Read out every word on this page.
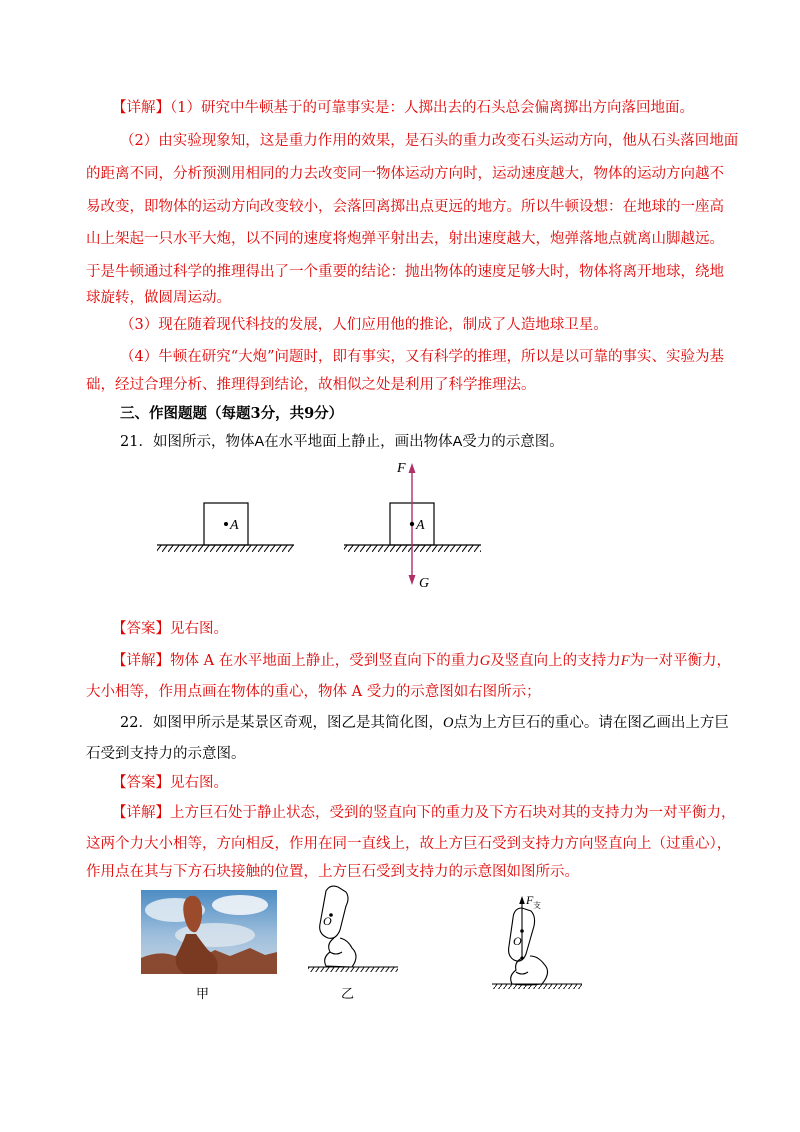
【详解】（1）研究中牛顿基于的可靠事实是：人掷出去的石头总会偏离掷出方向落回地面。
（2）由实验现象知，这是重力作用的效果，是石头的重力改变石头运动方向，他从石头落回地面
的距离不同，分析预测用相同的力去改变同一物体运动方向时，运动速度越大，物体的运动方向越不
易改变，即物体的运动方向改变较小，会落回离掷出点更远的地方。所以牛顿设想：在地球的一座高
山上架起一只水平大炮，以不同的速度将炮弹平射出去，射出速度越大，炮弹落地点就离山脚越远。
于是牛顿通过科学的推理得出了一个重要的结论：抛出物体的速度足够大时，物体将离开地球，绕地
球旋转，做圆周运动。
（3）现在随着现代科技的发展，人们应用他的推论，制成了人造地球卫星。
（4）牛顿在研究“大炮”问题时，即有事实，又有科学的推理，所以是以可靠的事实、实验为基
础，经过合理分析、推理得到结论，故相似之处是利用了科学推理法。
三、作图题题（每题3分，共9分）
21．如图所示，物体A在水平地面上静止，画出物体A受力的示意图。
A	A
F
G
【答案】见右图。
【详解】物体 A 在水平地面上静止，受到竖直向下的重力G及竖直向上的支持力F为一对平衡力，
大小相等，作用点画在物体的重心，物体 A 受力的示意图如右图所示；
22．如图甲所示是某景区奇观，图乙是其简化图，O点为上方巨石的重心。请在图乙画出上方巨
石受到支持力的示意图。
【答案】见右图。
【详解】上方巨石处于静止状态，受到的竖直向下的重力及下方石块对其的支持力为一对平衡力，
这两个力大小相等，方向相反，作用在同一直线上，故上方巨石受到支持力方向竖直向上（过重心），
作用点在其与下方石块接触的位置，上方巨石受到支持力的示意图如图所示。
甲
O
乙
O
F 支
